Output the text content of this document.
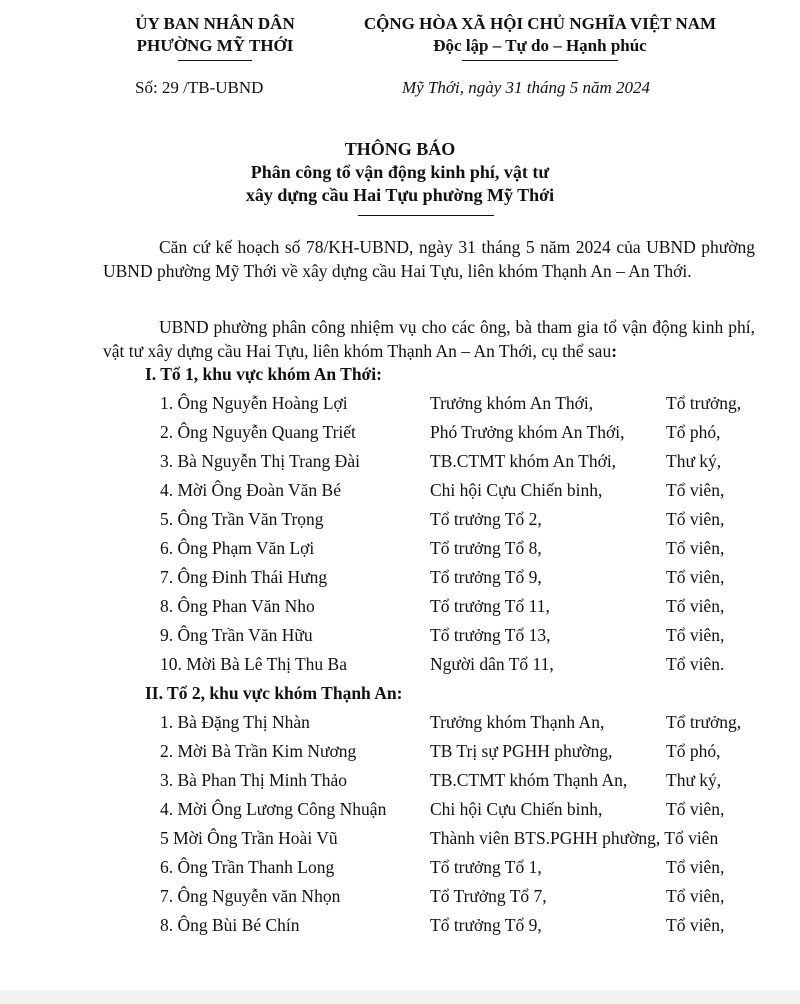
ỦY BAN NHÂN DÂN
PHƯỜNG MỸ THỚI
CỘNG HÒA XÃ HỘI CHỦ NGHĨA VIỆT NAM
Độc lập – Tự do – Hạnh phúc
Số: 29 /TB-UBND	Mỹ Thới, ngày 31 tháng 5 năm 2024
THÔNG BÁO
Phân công tổ vận động kinh phí, vật tư
xây dựng cầu Hai Tựu phường Mỹ Thới
Căn cứ kế hoạch số 78/KH-UBND, ngày 31 tháng 5 năm 2024 của UBND phường UBND phường Mỹ Thới về xây dựng cầu Hai Tựu, liên khóm Thạnh An – An Thới.
UBND phường phân công nhiệm vụ cho các ông, bà tham gia tổ vận động kinh phí, vật tư xây dựng cầu Hai Tựu, liên khóm Thạnh An – An Thới, cụ thể sau:
I. Tổ 1, khu vực khóm An Thới:
1. Ông Nguyễn Hoàng Lợi	Trưởng khóm An Thới,	Tổ trưởng,
2. Ông Nguyễn Quang Triết	Phó Trưởng khóm An Thới, Tổ phó,
3. Bà Nguyễn Thị Trang Đài	TB.CTMT khóm An Thới,	Thư ký,
4. Mời Ông Đoàn Văn Bé	Chi hội Cựu Chiến binh,	Tổ viên,
5. Ông Trần Văn Trọng	Tổ trưởng Tổ 2,	Tổ viên,
6. Ông Phạm Văn Lợi	Tổ trưởng Tổ 8,	Tổ viên,
7. Ông Đinh Thái Hưng	Tổ trưởng Tổ 9,	Tổ viên,
8. Ông Phan Văn Nho	Tổ trưởng Tổ 11,	Tổ viên,
9. Ông Trần Văn Hữu	Tổ trưởng Tổ 13,	Tổ viên,
10. Mời Bà Lê Thị Thu Ba	Người dân Tổ 11,	Tổ viên.
II. Tổ 2, khu vực khóm Thạnh An:
1. Bà Đặng Thị Nhàn	Trưởng khóm Thạnh An,	Tổ trưởng,
2. Mời Bà Trần Kim Nương	TB Trị sự PGHH phường,	Tổ phó,
3. Bà Phan Thị Minh Thảo	TB.CTMT khóm Thạnh An, Thư ký,
4. Mời Ông Lương Công Nhuận Chi hội Cựu Chiến binh,	Tổ viên,
5 Mời Ông Trần Hoài Vũ	Thành viên BTS.PGHH phường, Tổ viên
6. Ông Trần Thanh Long	Tổ trưởng Tổ 1,	Tổ viên,
7. Ông Nguyễn văn Nhọn	Tổ Trưởng Tổ 7,	Tổ viên,
8. Ông Bùi Bé Chín	Tổ trưởng Tổ 9,	Tổ viên,
